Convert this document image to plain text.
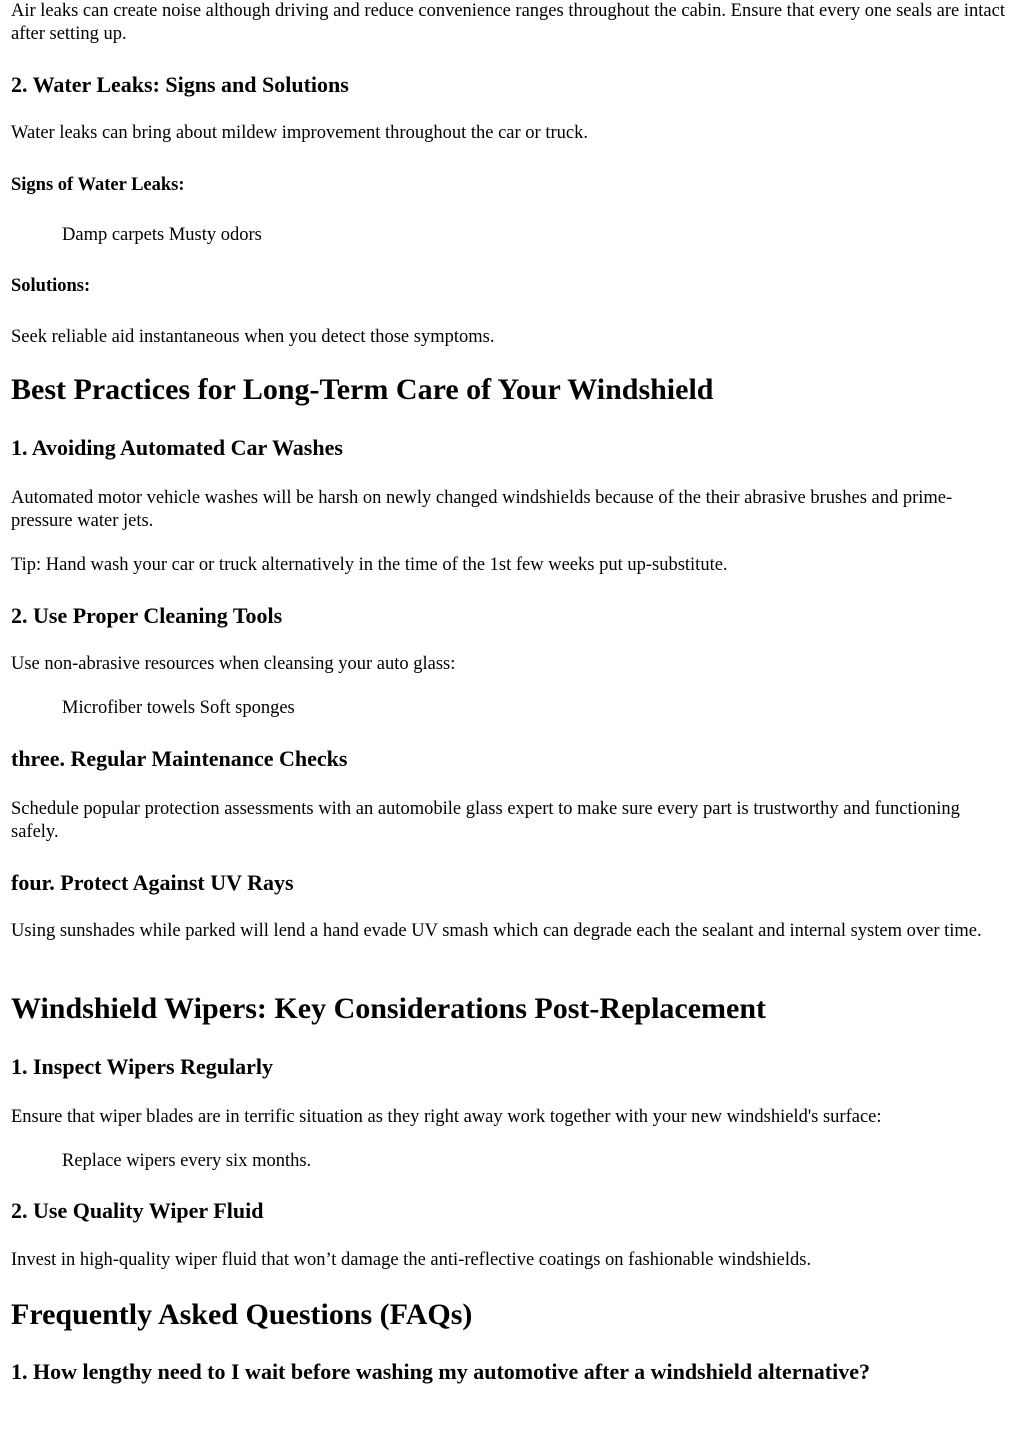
Air leaks can create noise although driving and reduce convenience ranges throughout the cabin. Ensure that every one seals are intact after setting up.

2. Water Leaks: Signs and Solutions

Water leaks can bring about mildew improvement throughout the car or truck.

Signs of Water Leaks:
Damp carpets Musty odors
Solutions:

Seek reliable aid instantaneous when you detect those symptoms.

Best Practices for Long-Term Care of Your Windshield
1. Avoiding Automated Car Washes

Automated motor vehicle washes will be harsh on newly changed windshields because of the their abrasive brushes and prime-pressure water jets.

Tip: Hand wash your car or truck alternatively in the time of the 1st few weeks put up-substitute.

2. Use Proper Cleaning Tools

Use non-abrasive resources when cleansing your auto glass:

Microfiber towels Soft sponges
three. Regular Maintenance Checks

Schedule popular protection assessments with an automobile glass expert to make sure every part is trustworthy and functioning safely.

four. Protect Against UV Rays

Using sunshades while parked will lend a hand evade UV smash which can degrade each the sealant and internal system over time.

Windshield Wipers: Key Considerations Post-Replacement
1. Inspect Wipers Regularly

Ensure that wiper blades are in terrific situation as they right away work together with your new windshield's surface:

Replace wipers every six months.
2. Use Quality Wiper Fluid

Invest in high-quality wiper fluid that won’t damage the anti-reflective coatings on fashionable windshields.

Frequently Asked Questions (FAQs)
1. How lengthy need to I wait before washing my automotive after a windshield alternative?
